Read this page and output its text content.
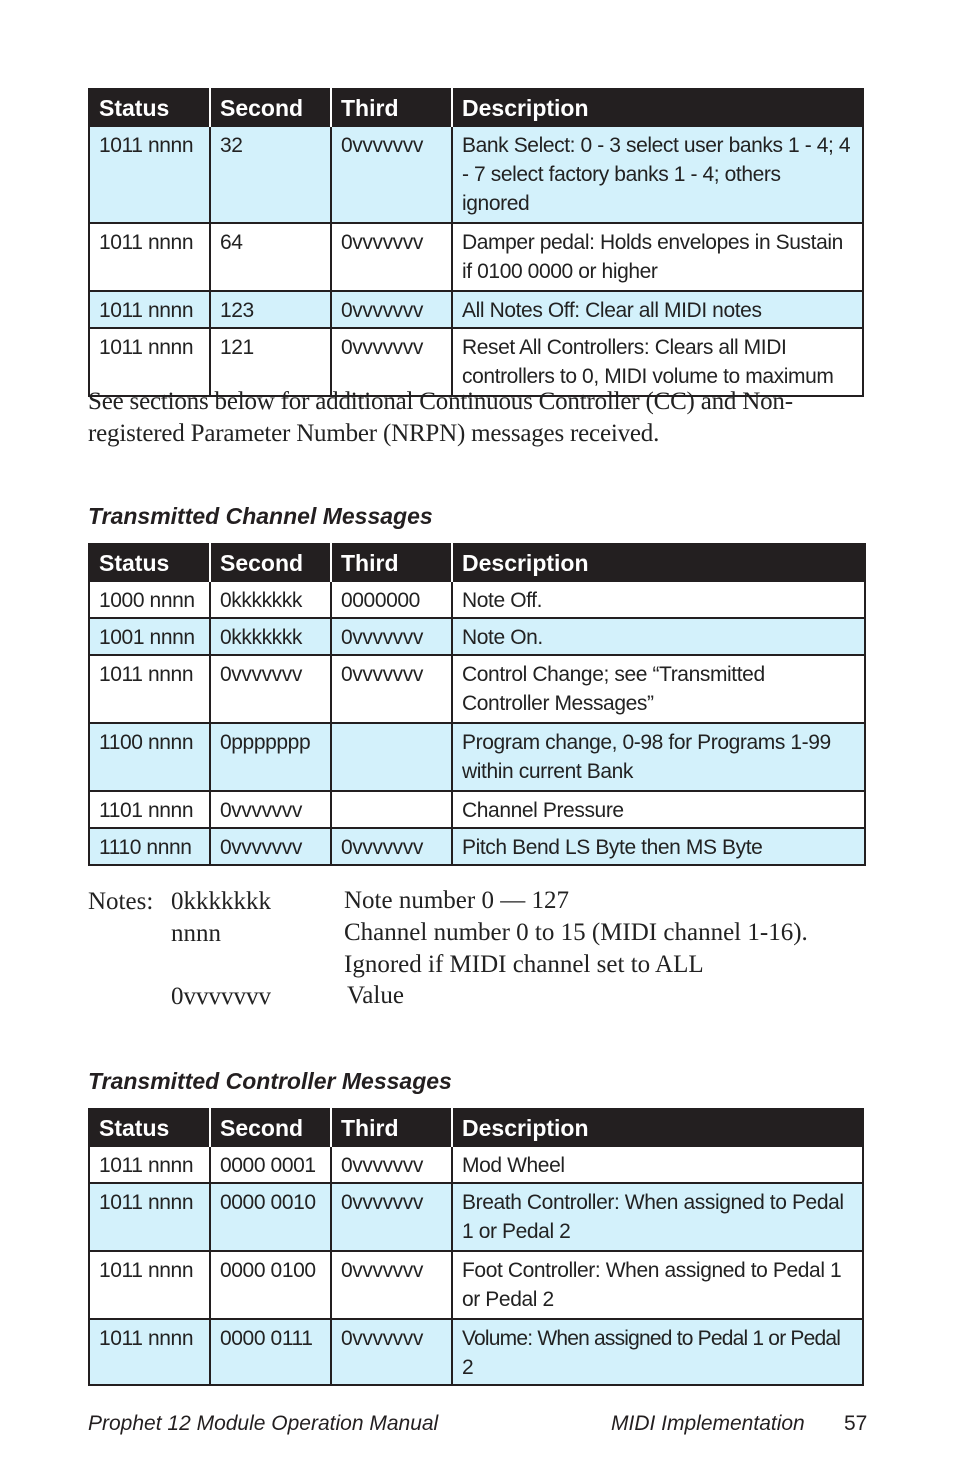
Status	Second	Third	Description
1011 nnnn	32	0vvvvvvv	Bank Select: 0 - 3 select user banks 1 - 4; 4 - 7 select factory banks 1 - 4; others ignored
1011 nnnn	64	0vvvvvvv	Damper pedal: Holds envelopes in Sustain if 0100 0000 or higher
1011 nnnn	123	0vvvvvvv	All Notes Off: Clear all MIDI notes
1011 nnnn	121	0vvvvvvv	Reset All Controllers: Clears all MIDI controllers to 0, MIDI volume to maximum
See sections below for additional Continuous Controller (CC) and Non-registered Parameter Number (NRPN) messages received.
Transmitted Channel Messages
Status	Second	Third	Description
1000 nnnn	0kkkkkkk	0000000	Note Off.
1001 nnnn	0kkkkkkk	0vvvvvvv	Note On.
1011 nnnn	0vvvvvvv	0vvvvvvv	Control Change; see “Transmitted Controller Messages”
1100 nnnn	0ppppppp		Program change, 0-98 for Programs 1-99 within current Bank
1101 nnnn	0vvvvvvv		Channel Pressure
1110 nnnn	0vvvvvvv	0vvvvvvv	Pitch Bend LS Byte then MS Byte
Notes: 0kkkkkkk	Note number 0 — 127
nnnn	Channel number 0 to 15 (MIDI channel 1-16).
Ignored if MIDI channel set to ALL
0vvvvvvv	Value
Transmitted Controller Messages
Status	Second	Third	Description
1011 nnnn	0000 0001	0vvvvvvv	Mod Wheel
1011 nnnn	0000 0010	0vvvvvvv	Breath Controller: When assigned to Pedal 1 or Pedal 2
1011 nnnn	0000 0100	0vvvvvvv	Foot Controller: When assigned to Pedal 1 or Pedal 2
1011 nnnn	0000 0111	0vvvvvvv	Volume: When assigned to Pedal 1 or Pedal 2
Prophet 12 Module Operation Manual	MIDI Implementation 57
